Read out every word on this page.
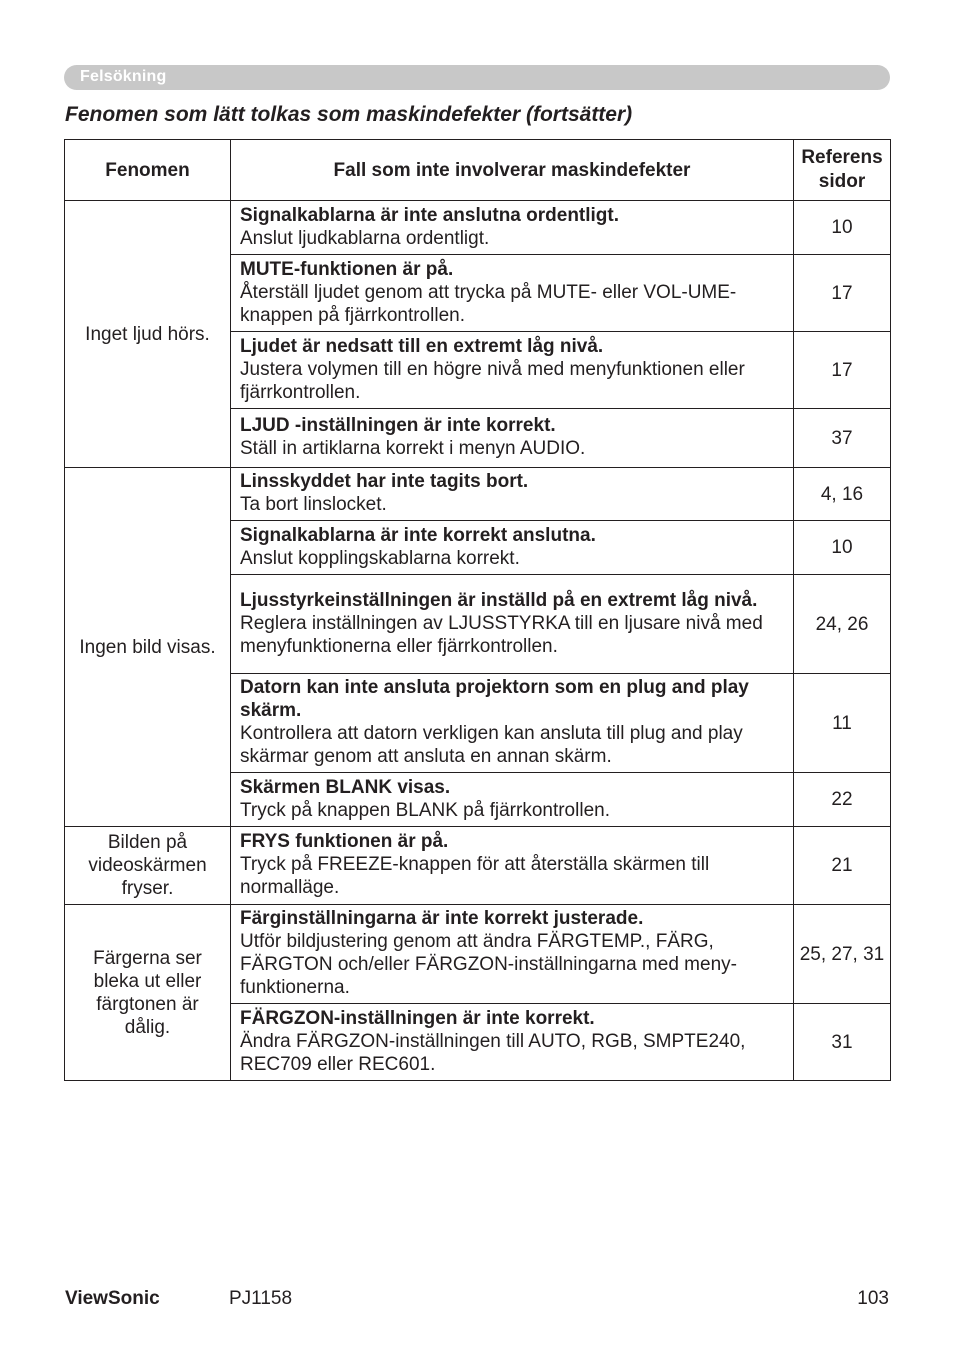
Felsökning
Fenomen som lätt tolkas som maskindefekter (fortsätter)
Fenomen	Fall som inte involverar maskindefekter	Referens
sidor
Inget ljud hörs.	Signalkablarna är inte anslutna ordentligt.
Anslut ljudkablarna ordentligt.	10

	MUTE-funktionen är på.
Återställ ljudet genom att trycka på MUTE- eller VOL-UME-knappen på fjärrkontrollen.	17

	Ljudet är nedsatt till en extremt låg nivå.
Justera volymen till en högre nivå med menyfunktionen eller fjärrkontrollen.	17

	LJUD -inställningen är inte korrekt.
Ställ in artiklarna korrekt i menyn AUDIO.	37
Ingen bild visas.	Linsskyddet har inte tagits bort.
Ta bort linslocket.	4, 16

	Signalkablarna är inte korrekt anslutna.
Anslut kopplingskablarna korrekt.	10

	Ljusstyrkeinställningen är inställd på en extremt låg nivå.
Reglera inställningen av LJUSSTYRKA till en ljusare nivå med menyfunktionerna eller fjärrkontrollen.	24, 26

	Datorn kan inte ansluta projektorn som en plug and play skärm.
Kontrollera att datorn verkligen kan ansluta till plug and play skärmar genom att ansluta en annan skärm.	11

	Skärmen BLANK visas.
Tryck på knappen BLANK på fjärrkontrollen.	22
Bilden på videoskärmen fryser.	FRYS funktionen är på.
Tryck på FREEZE-knappen för att återställa skärmen till normalläge.	21
Färgerna ser bleka ut eller färgtonen är dålig.	Färginställningarna är inte korrekt justerade.
Utför bildjustering genom att ändra FÄRGTEMP., FÄRG, FÄRGTON och/eller FÄRGZON-inställningarna med meny-funktionerna.	25, 27, 31

	FÄRGZON-inställningen är inte korrekt.
Ändra FÄRGZON-inställningen till AUTO, RGB, SMPTE240, REC709 eller REC601.	31
ViewSonic	PJ1158	103
